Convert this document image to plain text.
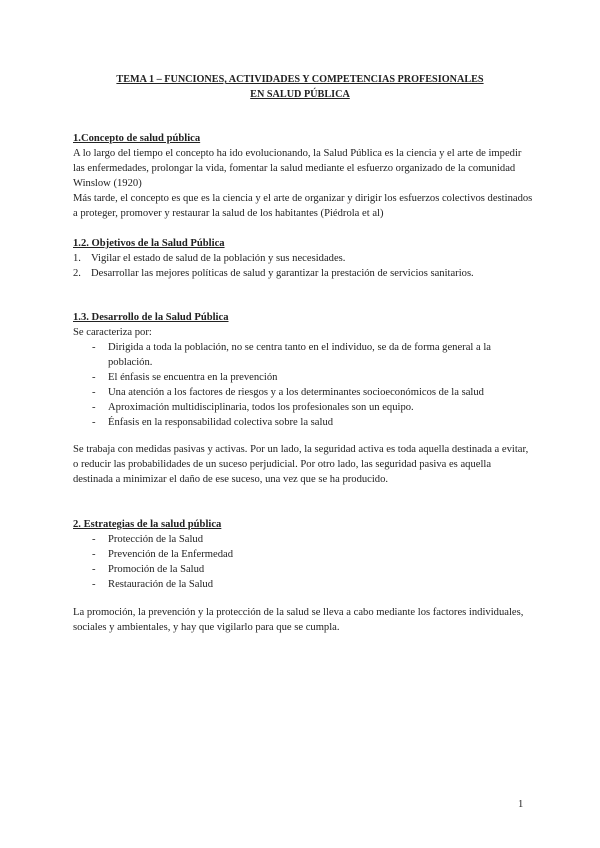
TEMA 1 – FUNCIONES, ACTIVIDADES Y COMPETENCIAS PROFESIONALES
EN SALUD PÚBLICA
1.Concepto de salud pública

A lo largo del tiempo el concepto ha ido evolucionando, la Salud Pública es la ciencia y el arte de impedir las enfermedades, prolongar la vida, fomentar la salud mediante el esfuerzo organizado de la comunidad Winslow (1920)

Más tarde, el concepto es que es la ciencia y el arte de organizar y dirigir los esfuerzos colectivos destinados a proteger, promover y restaurar la salud de los habitantes (Piédrola et al)

1.2. Objetivos de la Salud Pública
1. Vigilar el estado de salud de la población y sus necesidades.
2. Desarrollar las mejores políticas de salud y garantizar la prestación de servicios sanitarios.
1.3. Desarrollo de la Salud Pública

Se caracteriza por:

-	Dirigida a toda la población, no se centra tanto en el individuo, se da de forma general a la población.
-	El énfasis se encuentra en la prevención
-	Una atención a los factores de riesgos y a los determinantes socioeconómicos de la salud
-	Aproximación multidisciplinaria, todos los profesionales son un equipo.
-	Énfasis en la responsabilidad colectiva sobre la salud

Se trabaja con medidas pasivas y activas. Por un lado, la seguridad activa es toda aquella destinada a evitar, o reducir las probabilidades de un suceso perjudicial. Por otro lado, las seguridad pasiva es aquella destinada a minimizar el daño de ese suceso, una vez que se ha producido.

2. Estrategias de la salud pública
-	Protección de la Salud
-	Prevención de la Enfermedad
-	Promoción de la Salud
-	Restauración de la Salud

La promoción, la prevención y la protección de la salud se lleva a cabo mediante los factores individuales, sociales y ambientales, y hay que vigilarlo para que se cumpla.

1
